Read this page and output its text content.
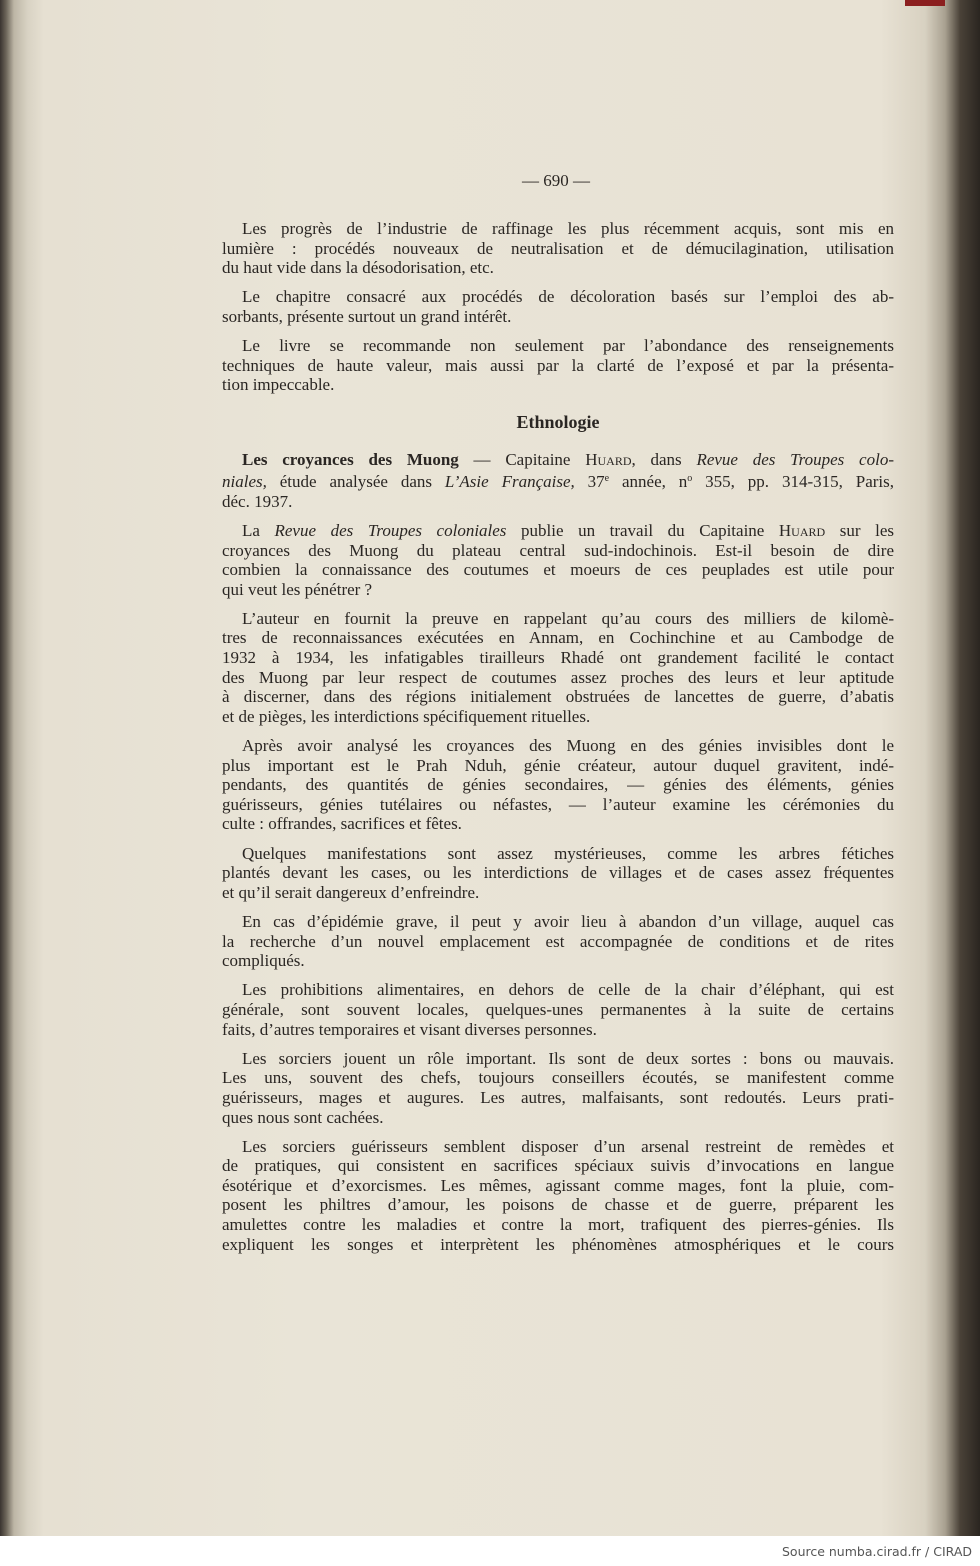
— 690 —
Les progrès de l’industrie de raffinage les plus récemment acquis, sont mis en
lumière : procédés nouveaux de neutralisation et de démucilagination, utilisation
du haut vide dans la désodorisation, etc.
Le chapitre consacré aux procédés de décoloration basés sur l’emploi des ab-
sorbants, présente surtout un grand intérêt.
Le livre se recommande non seulement par l’abondance des renseignements
techniques de haute valeur, mais aussi par la clarté de l’exposé et par la présenta-
tion impeccable.
Ethnologie
Les croyances des Muong — Capitaine Huard, dans Revue des Troupes colo-
niales, étude analysée dans L’Asie Française, 37e année, $n^o$ 355, pp. 314-315, Paris,
déc. 1937.
La Revue des Troupes coloniales publie un travail du Capitaine Huard sur les
croyances des Muong du plateau central sud-indochinois. Est-il besoin de dire
combien la connaissance des coutumes et moeurs de ces peuplades est utile pour
qui veut les pénétrer ?
L’auteur en fournit la preuve en rappelant qu’au cours des milliers de kilomè-
tres de reconnaissances exécutées en Annam, en Cochinchine et au Cambodge de
1932 à 1934, les infatigables tirailleurs Rhadé ont grandement facilité le contact
des Muong par leur respect de coutumes assez proches des leurs et leur aptitude
à discerner, dans des régions initialement obstruées de lancettes de guerre, d’abatis
et de pièges, les interdictions spécifiquement rituelles.
Après avoir analysé les croyances des Muong en des génies invisibles dont le
plus important est le Prah Nduh, génie créateur, autour duquel gravitent, indé-
pendants, des quantités de génies secondaires, — génies des éléments, génies
guérisseurs, génies tutélaires ou néfastes, — l’auteur examine les cérémonies du
culte : offrandes, sacrifices et fêtes.
Quelques manifestations sont assez mystérieuses, comme les arbres fétiches
plantés devant les cases, ou les interdictions de villages et de cases assez fréquentes
et qu’il serait dangereux d’enfreindre.
En cas d’épidémie grave, il peut y avoir lieu à abandon d’un village, auquel cas
la recherche d’un nouvel emplacement est accompagnée de conditions et de rites
compliqués.
Les prohibitions alimentaires, en dehors de celle de la chair d’éléphant, qui est
générale, sont souvent locales, quelques-unes permanentes à la suite de certains
faits, d’autres temporaires et visant diverses personnes.
Les sorciers jouent un rôle important. Ils sont de deux sortes : bons ou mauvais.
Les uns, souvent des chefs, toujours conseillers écoutés, se manifestent comme
guérisseurs, mages et augures. Les autres, malfaisants, sont redoutés. Leurs prati-
ques nous sont cachées.
Les sorciers guérisseurs semblent disposer d’un arsenal restreint de remèdes et
de pratiques, qui consistent en sacrifices spéciaux suivis d’invocations en langue
ésotérique et d’exorcismes. Les mêmes, agissant comme mages, font la pluie, com-
posent les philtres d’amour, les poisons de chasse et de guerre, préparent les
amulettes contre les maladies et contre la mort, trafiquent des pierres-génies. Ils
expliquent les songes et interprètent les phénomènes atmosphériques et le cours
Source numba.cirad.fr / CIRAD
